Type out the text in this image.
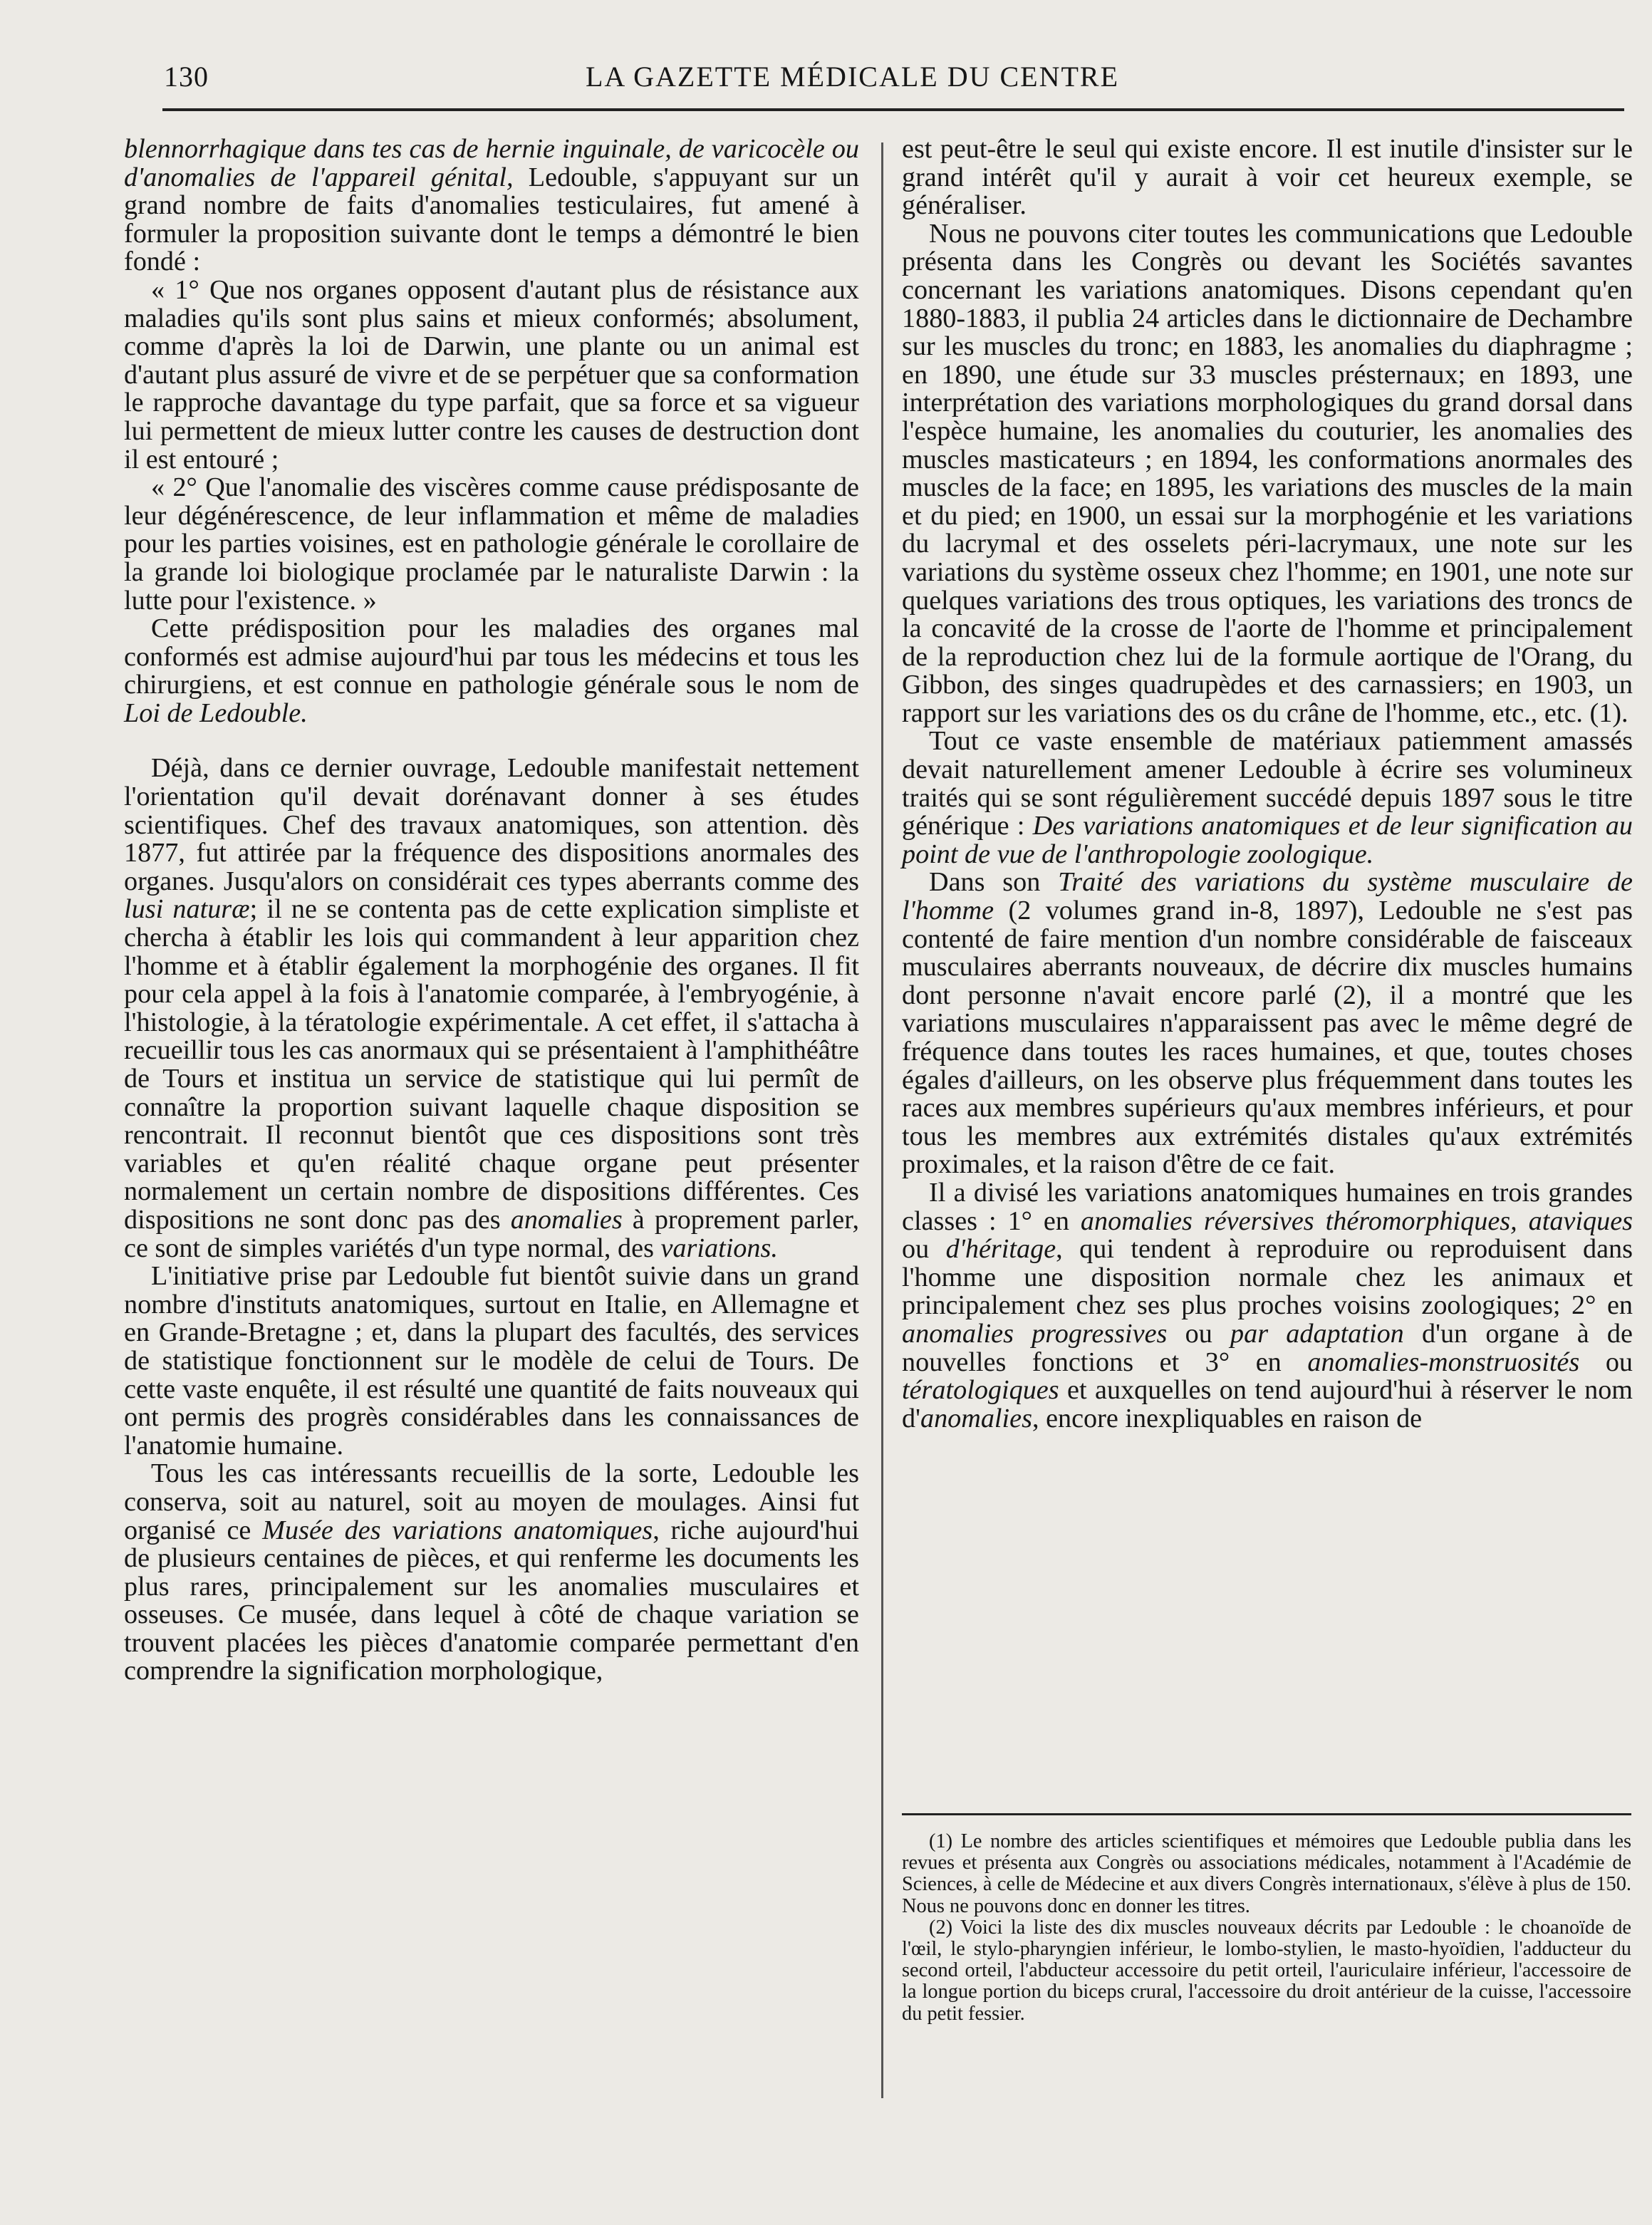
130	LA GAZETTE MÉDICALE DU CENTRE

blennorrhagique dans tes cas de hernie inguinale, de varicocèle ou d'anomalies de l'appareil génital, Ledouble, s'appuyant sur un grand nombre de faits d'anomalies testiculaires, fut amené à formuler la proposition suivante dont le temps a démontré le bien fondé :

« 1° Que nos organes opposent d'autant plus de résistance aux maladies qu'ils sont plus sains et mieux conformés; absolument, comme d'après la loi de Darwin, une plante ou un animal est d'autant plus assuré de vivre et de se perpétuer que sa conformation le rapproche davantage du type parfait, que sa force et sa vigueur lui permettent de mieux lutter contre les causes de destruction dont il est entouré ;

« 2° Que l'anomalie des viscères comme cause prédisposante de leur dégénérescence, de leur inflammation et même de maladies pour les parties voisines, est en pathologie générale le corollaire de la grande loi biologique proclamée par le naturaliste Darwin : la lutte pour l'existence. »

Cette prédisposition pour les maladies des organes mal conformés est admise aujourd'hui par tous les médecins et tous les chirurgiens, et est connue en pathologie générale sous le nom de Loi de Ledouble.

Déjà, dans ce dernier ouvrage, Ledouble manifestait nettement l'orientation qu'il devait dorénavant donner à ses études scientifiques. Chef des travaux anatomiques, son attention. dès 1877, fut attirée par la fréquence des dispositions anormales des organes. Jusqu'alors on considérait ces types aberrants comme des lusi naturæ; il ne se contenta pas de cette explication simpliste et chercha à établir les lois qui commandent à leur apparition chez l'homme et à établir également la morphogénie des organes. Il fit pour cela appel à la fois à l'anatomie comparée, à l'embryogénie, à l'histologie, à la tératologie expérimentale. A cet effet, il s'attacha à recueillir tous les cas anormaux qui se présentaient à l'amphithéâtre de Tours et institua un service de statistique qui lui permît de connaître la proportion suivant laquelle chaque disposition se rencontrait. Il reconnut bientôt que ces dispositions sont très variables et qu'en réalité chaque organe peut présenter normalement un certain nombre de dispositions différentes. Ces dispositions ne sont donc pas des anomalies à proprement parler, ce sont de simples variétés d'un type normal, des variations.

L'initiative prise par Ledouble fut bientôt suivie dans un grand nombre d'instituts anatomiques, surtout en Italie, en Allemagne et en Grande-Bretagne ; et, dans la plupart des facultés, des services de statistique fonctionnent sur le modèle de celui de Tours. De cette vaste enquête, il est résulté une quantité de faits nouveaux qui ont permis des progrès considérables dans les connaissances de l'anatomie humaine.

Tous les cas intéressants recueillis de la sorte, Ledouble les conserva, soit au naturel, soit au moyen de moulages. Ainsi fut organisé ce Musée des variations anatomiques, riche aujourd'hui de plusieurs centaines de pièces, et qui renferme les documents les plus rares, principalement sur les anomalies musculaires et osseuses. Ce musée, dans lequel à côté de chaque variation se trouvent placées les pièces d'anatomie comparée permettant d'en comprendre la signification morphologique,

est peut-être le seul qui existe encore. Il est inutile d'insister sur le grand intérêt qu'il y aurait à voir cet heureux exemple, se généraliser.

Nous ne pouvons citer toutes les communications que Ledouble présenta dans les Congrès ou devant les Sociétés savantes concernant les variations anatomiques. Disons cependant qu'en 1880-1883, il publia 24 articles dans le dictionnaire de Dechambre sur les muscles du tronc; en 1883, les anomalies du diaphragme ; en 1890, une étude sur 33 muscles présternaux; en 1893, une interprétation des variations morphologiques du grand dorsal dans l'espèce humaine, les anomalies du couturier, les anomalies des muscles masticateurs ; en 1894, les conformations anormales des muscles de la face; en 1895, les variations des muscles de la main et du pied; en 1900, un essai sur la morphogénie et les variations du lacrymal et des osselets péri-lacrymaux, une note sur les variations du système osseux chez l'homme; en 1901, une note sur quelques variations des trous optiques, les variations des troncs de la concavité de la crosse de l'aorte de l'homme et principalement de la reproduction chez lui de la formule aortique de l'Orang, du Gibbon, des singes quadrupèdes et des carnassiers; en 1903, un rapport sur les variations des os du crâne de l'homme, etc., etc. (1).

Tout ce vaste ensemble de matériaux patiemment amassés devait naturellement amener Ledouble à écrire ses volumineux traités qui se sont régulièrement succédé depuis 1897 sous le titre générique : Des variations anatomiques et de leur signification au point de vue de l'anthropologie zoologique.

Dans son Traité des variations du système musculaire de l'homme (2 volumes grand in-8, 1897), Ledouble ne s'est pas contenté de faire mention d'un nombre considérable de faisceaux musculaires aberrants nouveaux, de décrire dix muscles humains dont personne n'avait encore parlé (2), il a montré que les variations musculaires n'apparaissent pas avec le même degré de fréquence dans toutes les races humaines, et que, toutes choses égales d'ailleurs, on les observe plus fréquemment dans toutes les races aux membres supérieurs qu'aux membres inférieurs, et pour tous les membres aux extrémités distales qu'aux extrémités proximales, et la raison d'être de ce fait.

Il a divisé les variations anatomiques humaines en trois grandes classes : 1° en anomalies réversives théromorphiques, ataviques ou d'héritage, qui tendent à reproduire ou reproduisent dans l'homme une disposition normale chez les animaux et principalement chez ses plus proches voisins zoologiques; 2° en anomalies progressives ou par adaptation d'un organe à de nouvelles fonctions et 3° en anomalies-monstruosités ou tératologiques et auxquelles on tend aujourd'hui à réserver le nom d'anomalies, encore inexpliquables en raison de

(1) Le nombre des articles scientifiques et mémoires que Ledouble publia dans les revues et présenta aux Congrès ou associations médicales, notamment à l'Académie de Sciences, à celle de Médecine et aux divers Congrès internationaux, s'élève à plus de 150. Nous ne pouvons donc en donner les titres.

(2) Voici la liste des dix muscles nouveaux décrits par Ledouble : le choanoïde de l'œil, le stylo-pharyngien inférieur, le lombo-stylien, le masto-hyoïdien, l'adducteur du second orteil, l'abducteur accessoire du petit orteil, l'auriculaire inférieur, l'accessoire de la longue portion du biceps crural, l'accessoire du droit antérieur de la cuisse, l'accessoire du petit fessier.
